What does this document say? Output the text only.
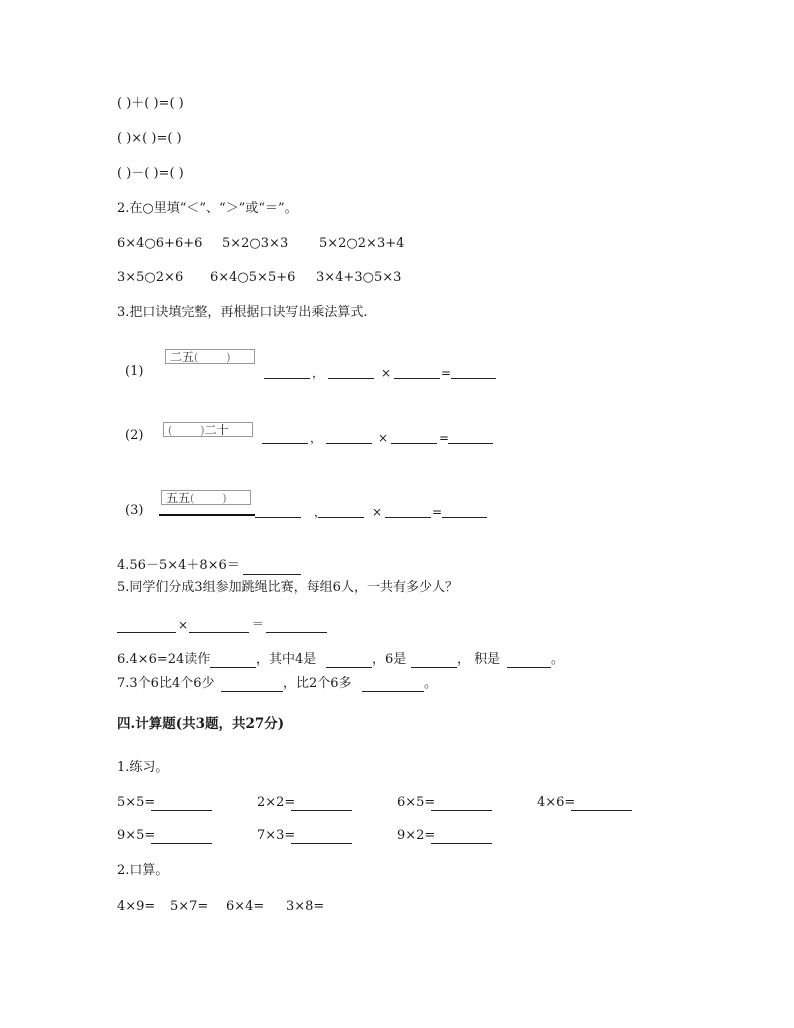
( )＋( )=( )
( )×( )=( )
( )－( )=( )
2.在○里填“＜”、“＞”或“＝”。
6×4○6+6+6 5×2○3×3 5×2○2×3+4
3×5○2×6 6×4○5×5+6 3×4+3○5×3
3.把口诀填完整，再根据口诀写出乘法算式.
(1)
二五(        )
，	×	=
(2)	(        )二十
，	×	=
(3)
五五(        )
，	×	=
4.56－5×4＋8×6＝
5.同学们分成3组参加跳绳比赛，每组6人，一共有多少人？
×	＝
6.4×6=24读作	，其中4是	，6是	， 积是	。
7.3个6比4个6少	，比2个6多	。
四.计算题(共3题，共27分)
1.练习。
5×5=	2×2=	6×5=	4×6=
9×5=	7×3=	9×2=
2.口算。
4×9= 5×7= 6×4= 3×8=
